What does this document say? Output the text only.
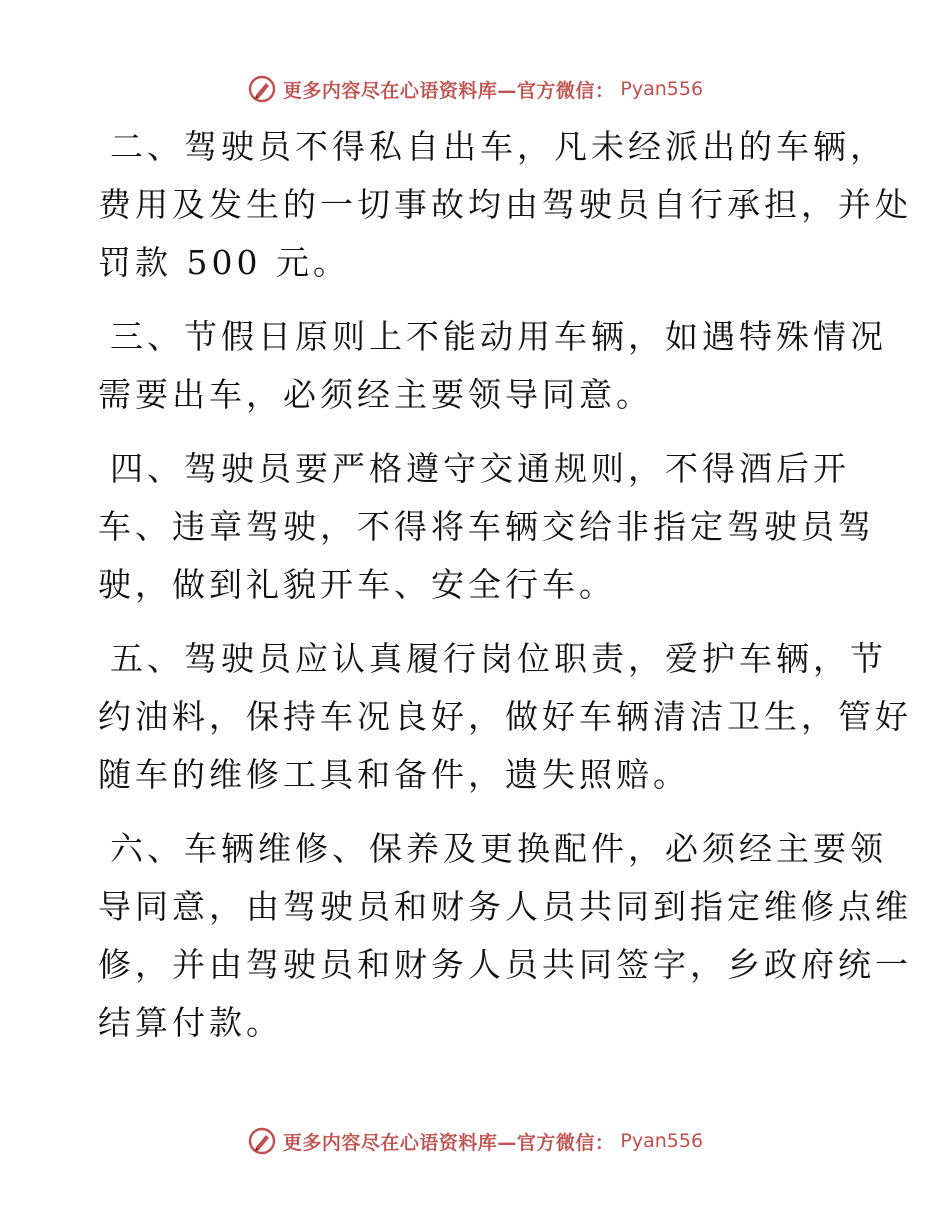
更多内容尽在心语资料库—官方微信： Pyan556
二、驾驶员不得私自出车，凡未经派出的车辆，
费用及发生的一切事故均由驾驶员自行承担，并处
罚款 500 元。
三、节假日原则上不能动用车辆，如遇特殊情况
需要出车，必须经主要领导同意。
四、驾驶员要严格遵守交通规则，不得酒后开
车、违章驾驶，不得将车辆交给非指定驾驶员驾
驶，做到礼貌开车、安全行车。
五、驾驶员应认真履行岗位职责，爱护车辆，节
约油料，保持车况良好，做好车辆清洁卫生，管好
随车的维修工具和备件，遗失照赔。
六、车辆维修、保养及更换配件，必须经主要领
导同意，由驾驶员和财务人员共同到指定维修点维
修，并由驾驶员和财务人员共同签字，乡政府统一
结算付款。
更多内容尽在心语资料库—官方微信： Pyan556
